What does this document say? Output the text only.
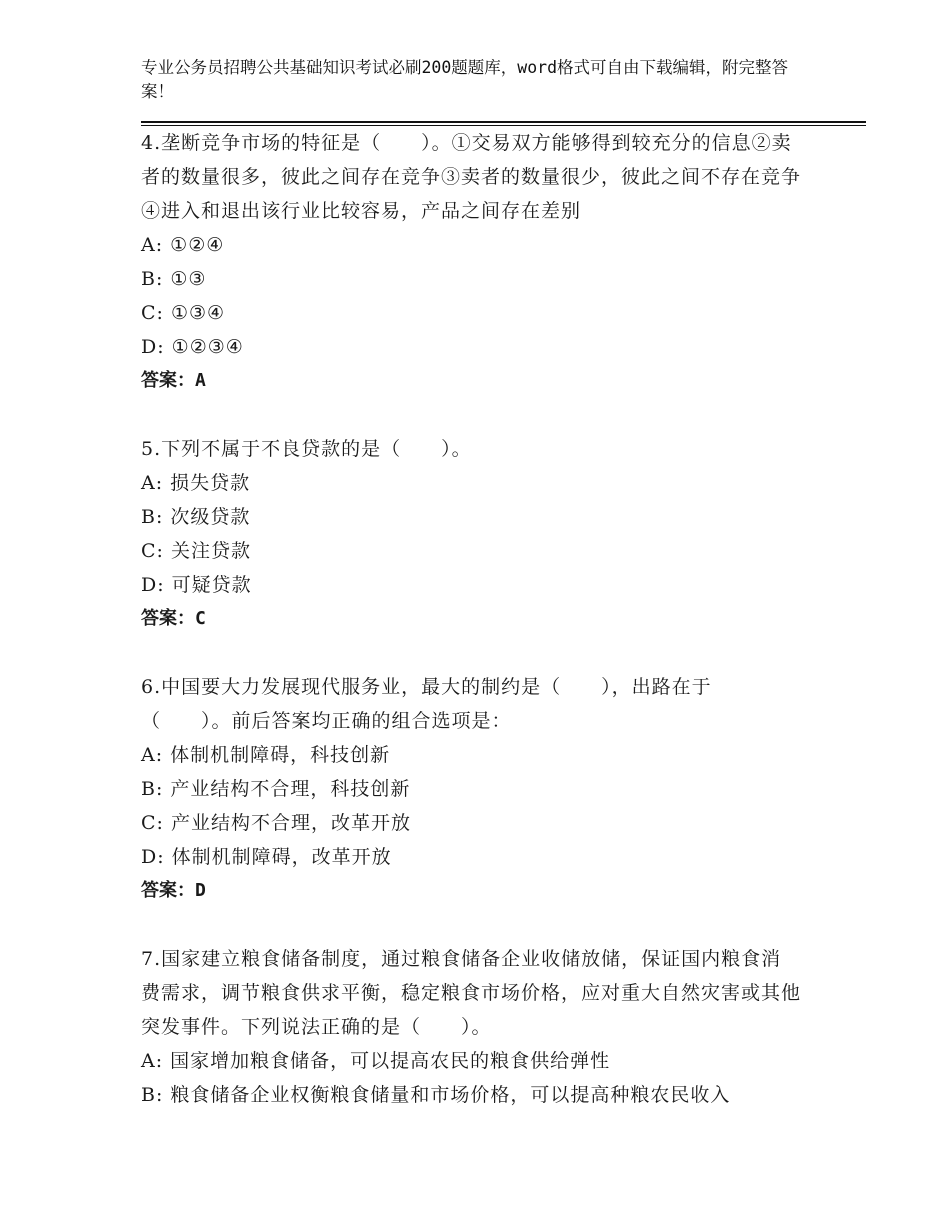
专业公务员招聘公共基础知识考试必刷200题题库，word格式可自由下载编辑，附完整答案！

4.垄断竞争市场的特征是（　　）。①交易双方能够得到较充分的信息②卖者的数量很多，彼此之间存在竞争③卖者的数量很少，彼此之间不存在竞争④进入和退出该行业比较容易，产品之间存在差别

A: ①②④

B: ①③

C: ①③④

D: ①②③④

答案：A

5.下列不属于不良贷款的是（　　）。

A: 损失贷款

B: 次级贷款

C: 关注贷款

D: 可疑贷款

答案：C

6.中国要大力发展现代服务业，最大的制约是（　　），出路在于（　　）。前后答案均正确的组合选项是：

A: 体制机制障碍，科技创新

B: 产业结构不合理，科技创新

C: 产业结构不合理，改革开放

D: 体制机制障碍，改革开放

答案：D

7.国家建立粮食储备制度，通过粮食储备企业收储放储，保证国内粮食消费需求，调节粮食供求平衡，稳定粮食市场价格，应对重大自然灾害或其他突发事件。下列说法正确的是（　　）。

A: 国家增加粮食储备，可以提高农民的粮食供给弹性

B: 粮食储备企业权衡粮食储量和市场价格，可以提高种粮农民收入
